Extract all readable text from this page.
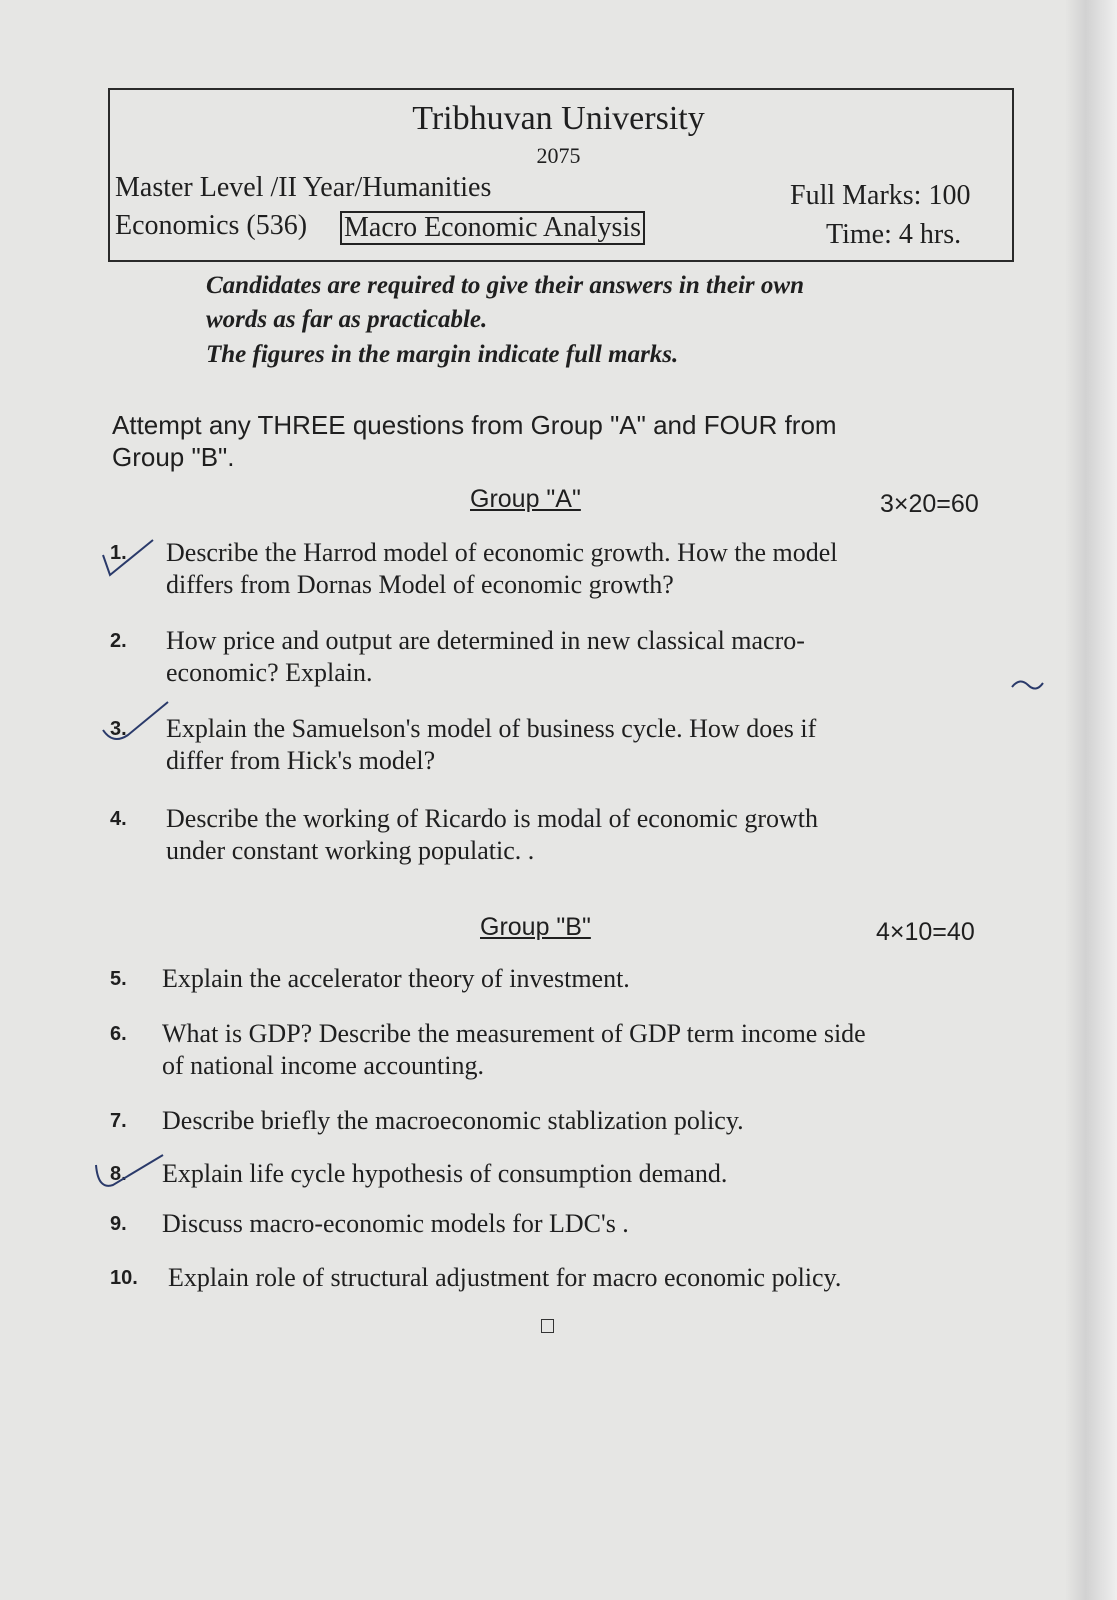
Tribhuvan University
2075
Master Level /II Year/Humanities
Economics (536) Macro Economic Analysis
Full Marks: 100
Time: 4 hrs.
Candidates are required to give their answers in their own
words as far as practicable.
The figures in the margin indicate full marks.
Attempt any THREE questions from Group "A" and FOUR from
Group "B".
Group "A"	3×20=60
1. Describe the Harrod model of economic growth. How the model
differs from Dornas Model of economic growth?
2. How price and output are determined in new classical macro-
economic? Explain.
3. Explain the Samuelson's model of business cycle. How does if
differ from Hick's model?
4. Describe the working of Ricardo is modal of economic growth
under constant working populatic. .
5. Explain the accelerator theory of investment.
6. What is GDP? Describe the measurement of GDP term income side
of national income accounting.
7. Describe briefly the macroeconomic stablization policy.
8. Explain life cycle hypothesis of consumption demand.
9. Discuss macro-economic models for LDC's .
10. Explain role of structural adjustment for macro economic policy.
Group "B"	4×10=40
